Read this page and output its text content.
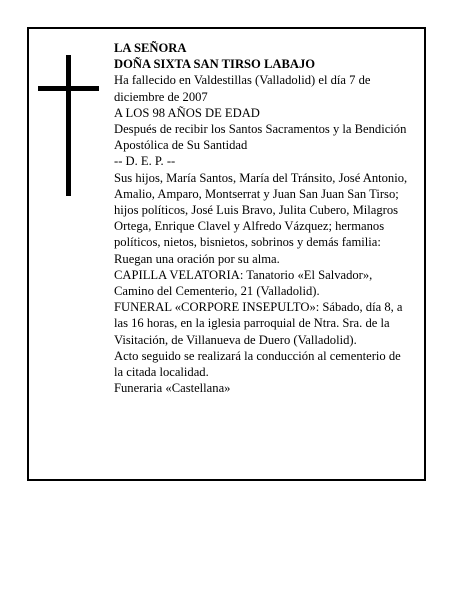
LA SEÑORA

DOÑA SIXTA SAN TIRSO LABAJO

Ha fallecido en Valdestillas (Valladolid) el día 7 de diciembre de 2007

A LOS 98 AÑOS DE EDAD

Después de recibir los Santos Sacramentos y la Bendición Apostólica de Su Santidad

-- D. E. P. --

Sus hijos, María Santos, María del Tránsito, José Antonio, Amalio, Amparo, Montserrat y Juan San Juan San Tirso; hijos políticos, José Luis Bravo, Julita Cubero, Milagros Ortega, Enrique Clavel y Alfredo Vázquez; hermanos políticos, nietos, bisnietos, sobrinos y demás familia:

Ruegan una oración por su alma.

CAPILLA VELATORIA: Tanatorio «El Salvador», Camino del Cementerio, 21 (Valladolid).

FUNERAL «CORPORE INSEPULTO»: Sábado, día 8, a las 16 horas, en la iglesia parroquial de Ntra. Sra. de la Visitación, de Villanueva de Duero (Valladolid).

Acto seguido se realizará la conducción al cementerio de la citada localidad.

Funeraria «Castellana»
